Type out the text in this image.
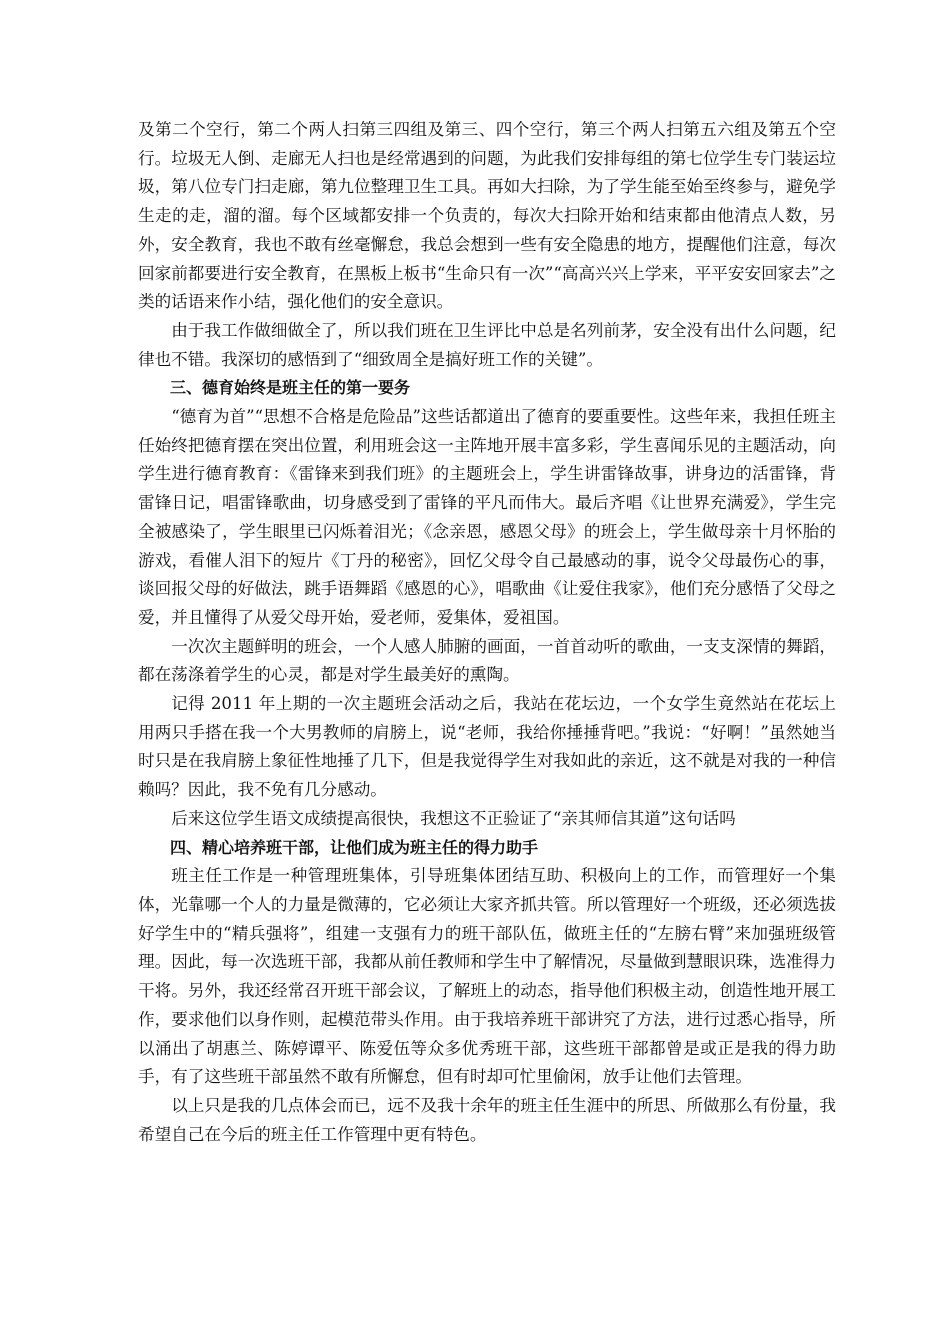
及第二个空行，第二个两人扫第三四组及第三、四个空行，第三个两人扫第五六组及第五个空行。垃圾无人倒、走廊无人扫也是经常遇到的问题，为此我们安排每组的第七位学生专门装运垃圾，第八位专门扫走廊，第九位整理卫生工具。再如大扫除，为了学生能至始至终参与，避免学生走的走，溜的溜。每个区域都安排一个负责的，每次大扫除开始和结束都由他清点人数，另外，安全教育，我也不敢有丝毫懈怠，我总会想到一些有安全隐患的地方，提醒他们注意，每次回家前都要进行安全教育，在黑板上板书“生命只有一次”“高高兴兴上学来，平平安安回家去”之类的话语来作小结，强化他们的安全意识。

由于我工作做细做全了，所以我们班在卫生评比中总是名列前茅，安全没有出什么问题，纪律也不错。我深切的感悟到了“细致周全是搞好班工作的关键”。

三、德育始终是班主任的第一要务

“德育为首”“思想不合格是危险品”这些话都道出了德育的要重要性。这些年来，我担任班主任始终把德育摆在突出位置，利用班会这一主阵地开展丰富多彩，学生喜闻乐见的主题活动，向学生进行德育教育：《雷锋来到我们班》的主题班会上，学生讲雷锋故事，讲身边的活雷锋，背雷锋日记，唱雷锋歌曲，切身感受到了雷锋的平凡而伟大。最后齐唱《让世界充满爱》，学生完全被感染了，学生眼里已闪烁着泪光；《念亲恩，感恩父母》的班会上，学生做母亲十月怀胎的游戏，看催人泪下的短片《丁丹的秘密》，回忆父母令自己最感动的事，说令父母最伤心的事，谈回报父母的好做法，跳手语舞蹈《感恩的心》，唱歌曲《让爱住我家》，他们充分感悟了父母之爱，并且懂得了从爱父母开始，爱老师，爱集体，爱祖国。

一次次主题鲜明的班会，一个人感人肺腑的画面，一首首动听的歌曲，一支支深情的舞蹈，都在荡涤着学生的心灵，都是对学生最美好的熏陶。

记得 2011 年上期的一次主题班会活动之后，我站在花坛边，一个女学生竟然站在花坛上用两只手搭在我一个大男教师的肩膀上，说“老师，我给你捶捶背吧。”我说：“好啊！”虽然她当时只是在我肩膀上象征性地捶了几下，但是我觉得学生对我如此的亲近，这不就是对我的一种信赖吗？因此，我不免有几分感动。

后来这位学生语文成绩提高很快，我想这不正验证了“亲其师信其道”这句话吗

四、精心培养班干部，让他们成为班主任的得力助手

班主任工作是一种管理班集体，引导班集体团结互助、积极向上的工作，而管理好一个集体，光靠哪一个人的力量是微薄的，它必须让大家齐抓共管。所以管理好一个班级，还必须选拔好学生中的“精兵强将”，组建一支强有力的班干部队伍，做班主任的“左膀右臂”来加强班级管理。因此，每一次选班干部，我都从前任教师和学生中了解情况，尽量做到慧眼识珠，选准得力干将。另外，我还经常召开班干部会议，了解班上的动态，指导他们积极主动，创造性地开展工作，要求他们以身作则，起模范带头作用。由于我培养班干部讲究了方法，进行过悉心指导，所以涌出了胡惠兰、陈婷谭平、陈爱伍等众多优秀班干部，这些班干部都曾是或正是我的得力助手，有了这些班干部虽然不敢有所懈怠，但有时却可忙里偷闲，放手让他们去管理。

以上只是我的几点体会而已，远不及我十余年的班主任生涯中的所思、所做那么有份量，我希望自己在今后的班主任工作管理中更有特色。
